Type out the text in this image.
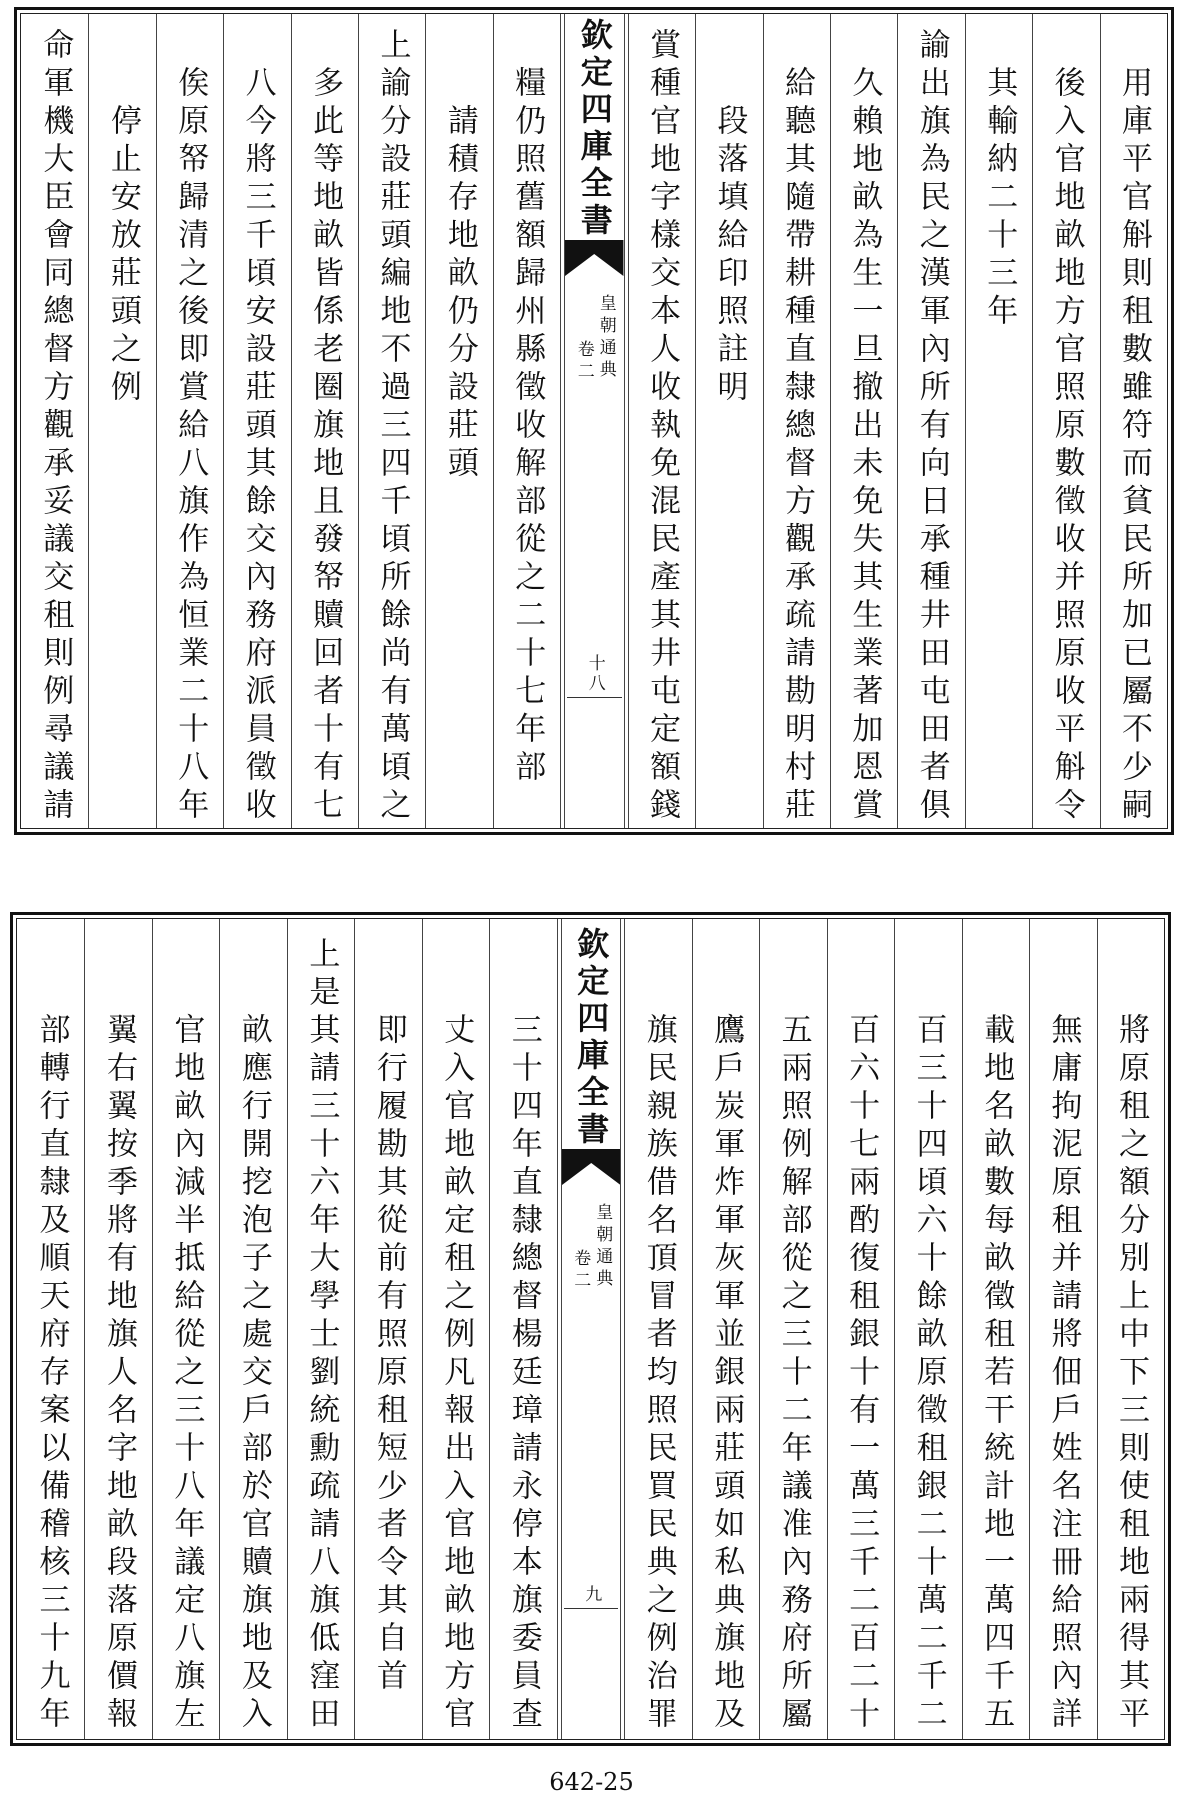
用庫平官斛則租數雖符而貧民所加已屬不少嗣
後入官地畝地方官照原數徵收并照原收平斛令
其輸納二十三年
諭出旗為民之漢軍內所有向日承種井田屯田者俱
久賴地畝為生一旦撤出未免失其生業著加恩賞
給聽其隨帶耕種直隸總督方觀承疏請勘明村莊
段落填給印照註明
賞種官地字樣交本人收執免混民產其井屯定額錢
欽定四庫全書
皇朝通典
卷二
十八
糧仍照舊額歸州縣徵收解部從之二十七年部
請積存地畝仍分設莊頭
上諭分設莊頭編地不過三四千頃所餘尚有萬頃之
多此等地畝皆係老圈旗地且發帑贖回者十有七
八今將三千頃安設莊頭其餘交內務府派員徵收
俟原帑歸清之後即賞給八旗作為恒業二十八年
停止安放莊頭之例
命軍機大臣會同總督方觀承妥議交租則例尋議請
將原租之額分別上中下三則使租地兩得其平
無庸拘泥原租并請將佃戶姓名注冊給照內詳
載地名畝數每畝徵租若干統計地一萬四千五
百三十四頃六十餘畝原徵租銀二十萬二千二
百六十七兩酌復租銀十有一萬三千二百二十
五兩照例解部從之三十二年議准內務府所屬
鷹戶炭軍炸軍灰軍並銀兩莊頭如私典旗地及
旗民親族借名頂冒者均照民買民典之例治罪
欽定四庫全書
皇朝通典
卷二
九
三十四年直隸總督楊廷璋請永停本旗委員查
丈入官地畝定租之例凡報出入官地畝地方官
即行履勘其從前有照原租短少者令其自首
上是其請三十六年大學士劉統勳疏請八旗低窪田
畝應行開挖泡子之處交戶部於官贖旗地及入
官地畝內減半抵給從之三十八年議定八旗左
翼右翼按季將有地旗人名字地畝段落原價報
部轉行直隸及順天府存案以備稽核三十九年
642-25
